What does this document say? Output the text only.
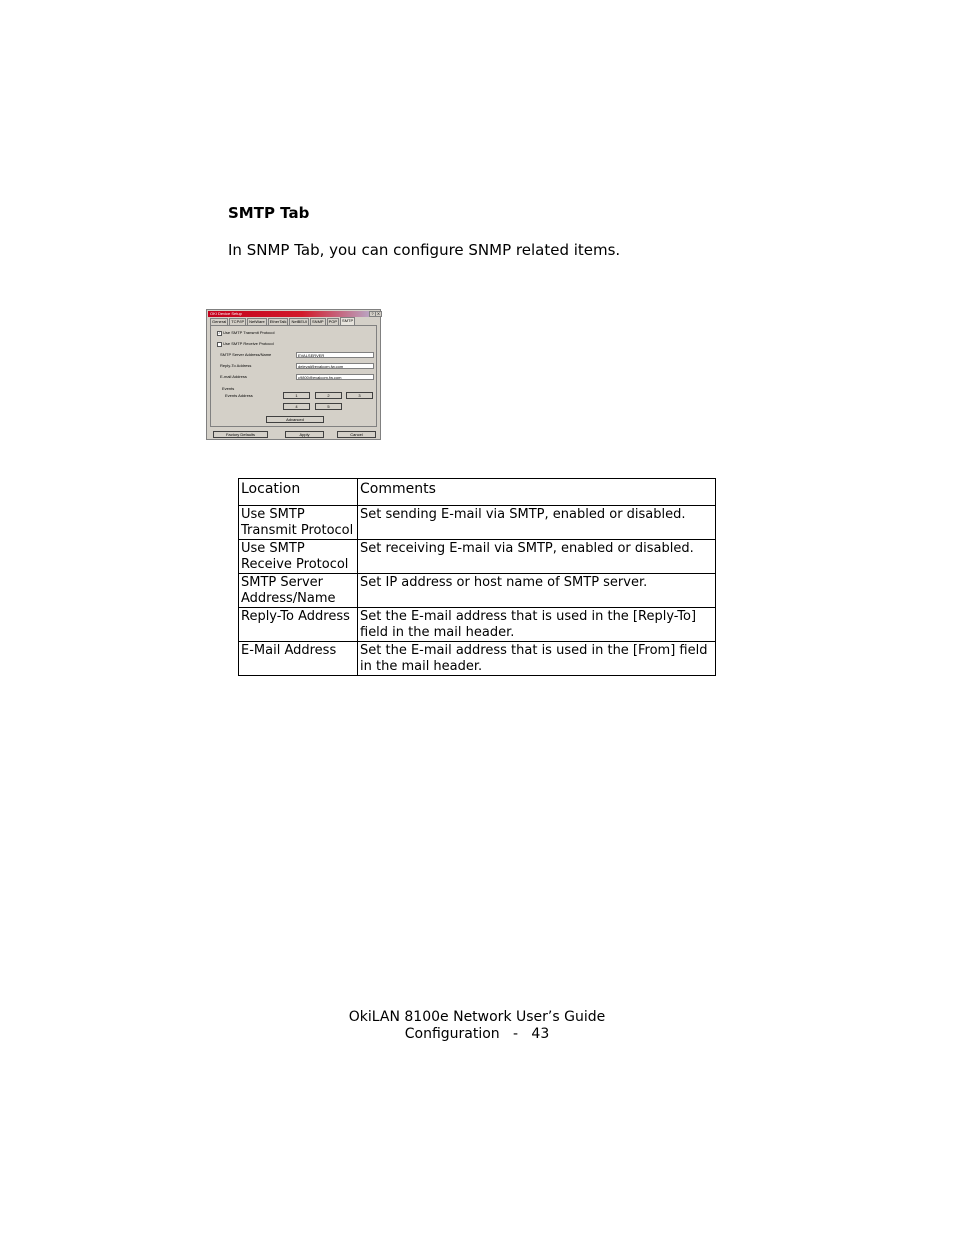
SMTP Tab
In SNMP Tab, you can configure SNMP related items.
OKI Device Setup	? X
General	TCP/IP	NetWare	EtherTalk	NetBEUI	SNMP	POP	SMTP
✓ Use SMTP Transmit Protocol
Use SMTP Receive Protocol
SMTP Server Address/Name	EVALSERVER
Reply-To Address	deleval@evalcom.fw.com
E-mail Address	c9800@evalcom.fw.com
Events
Events Address	1	2	3
4	5
Advanced
Factory Defaults	Apply	Cancel
Location	Comments
Use SMTP Transmit Protocol	Set sending E-mail via SMTP, enabled or disabled.
Use SMTP Receive Protocol	Set receiving E-mail via SMTP, enabled or disabled.
SMTP Server Address/Name	Set IP address or host name of SMTP server.
Reply-To Address	Set the E-mail address that is used in the [Reply-To] field in the mail header.
E-Mail Address	Set the E-mail address that is used in the [From] field in the mail header.
OkiLAN 8100e Network User’s Guide
Configuration   -   43
